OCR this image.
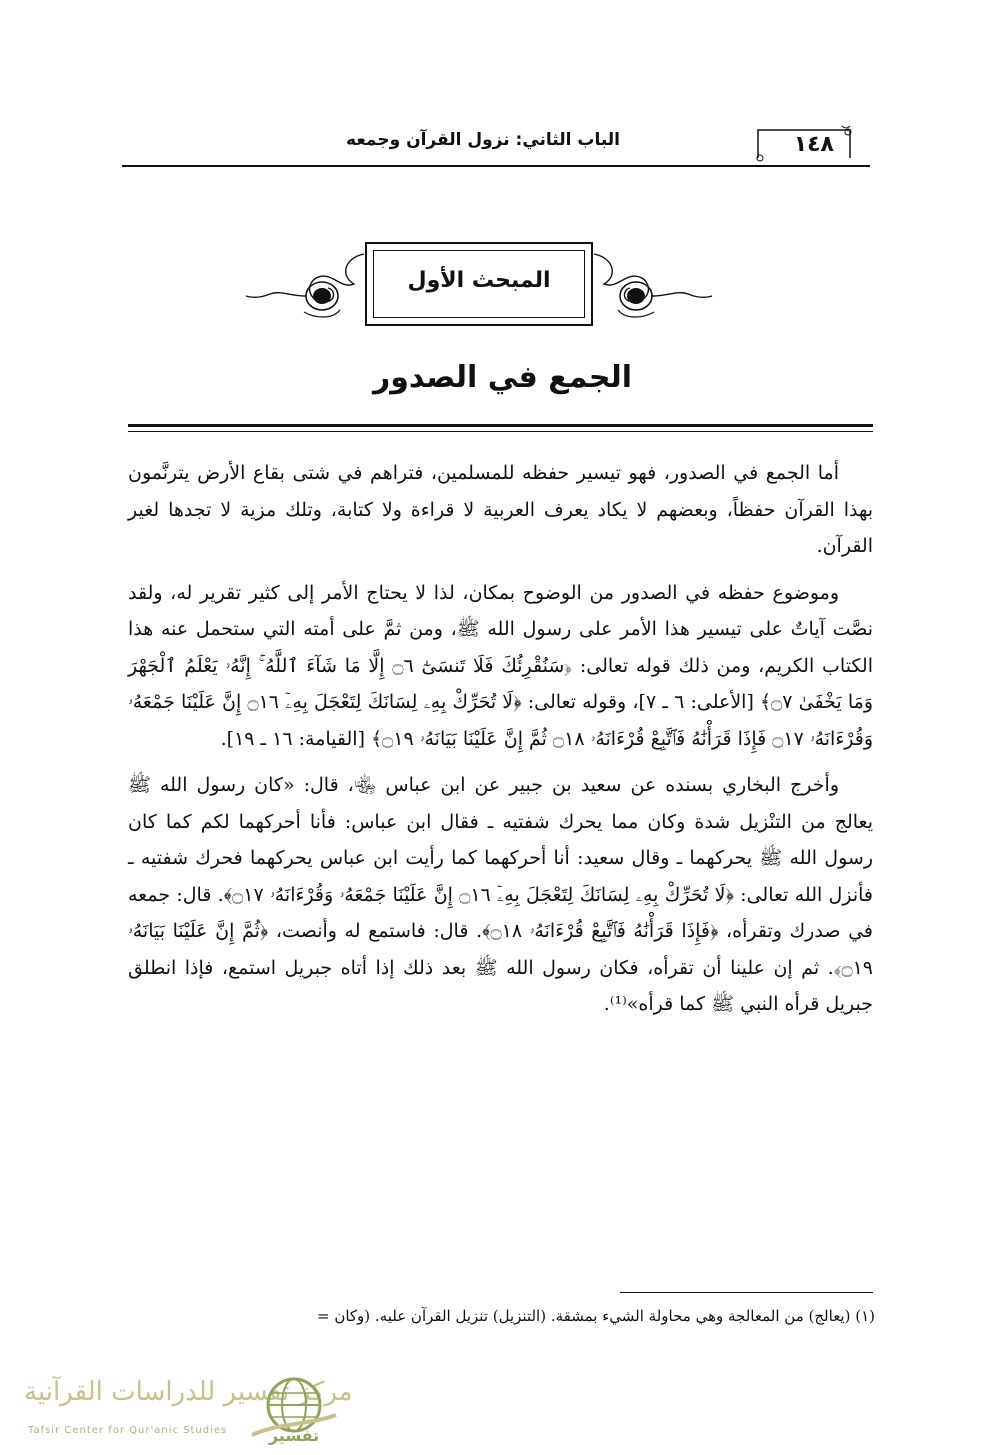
الباب الثاني: نزول القرآن وجمعه	١٤٨
المبحث الأول
الجمع في الصدور

أما الجمع في الصدور، فهو تيسير حفظه للمسلمين، فتراهم في شتى بقاع الأرض يترنَّمون بهذا القرآن حفظاً، وبعضهم لا يكاد يعرف العربية لا قراءة ولا كتابة، وتلك مزية لا تجدها لغير القرآن.

وموضوع حفظه في الصدور من الوضوح بمكان، لذا لا يحتاج الأمر إلى كثير تقرير له، ولقد نصَّت آياتٌ على تيسير هذا الأمر على رسول الله ﷺ، ومن ثمَّ على أمته التي ستحمل عنه هذا الكتاب الكريم، ومن ذلك قوله تعالى: ﴿سَنُقْرِئُكَ فَلَا تَنسَىٰٓ ۝٦ إِلَّا مَا شَآءَ ٱللَّهُ ۚ إِنَّهُۥ يَعْلَمُ ٱلْجَهْرَ وَمَا يَخْفَىٰ ۝٧﴾ [الأعلى: ٦ ـ ٧]، وقوله تعالى: ﴿لَا تُحَرِّكْ بِهِۦ لِسَانَكَ لِتَعْجَلَ بِهِۦٓ ۝١٦ إِنَّ عَلَيْنَا جَمْعَهُۥ وَقُرْءَانَهُۥ ۝١٧ فَإِذَا قَرَأْنَٰهُ فَٱتَّبِعْ قُرْءَانَهُۥ ۝١٨ ثُمَّ إِنَّ عَلَيْنَا بَيَانَهُۥ ۝١٩﴾ [القيامة: ١٦ ـ ١٩].

وأخرج البخاري بسنده عن سعيد بن جبير عن ابن عباس ﵄، قال: «كان رسول الله ﷺ يعالج من التنْزيل شدة وكان مما يحرك شفتيه ـ فقال ابن عباس: فأنا أحركهما لكم كما كان رسول الله ﷺ يحركهما ـ وقال سعيد: أنا أحركهما كما رأيت ابن عباس يحركهما فحرك شفتيه ـ فأنزل الله تعالى: ﴿لَا تُحَرِّكْ بِهِۦ لِسَانَكَ لِتَعْجَلَ بِهِۦٓ ۝١٦ إِنَّ عَلَيْنَا جَمْعَهُۥ وَقُرْءَانَهُۥ ۝١٧﴾. قال: جمعه في صدرك وتقرأه، ﴿فَإِذَا قَرَأْنَٰهُ فَٱتَّبِعْ قُرْءَانَهُۥ ۝١٨﴾. قال: فاستمع له وأنصت، ﴿ثُمَّ إِنَّ عَلَيْنَا بَيَانَهُۥ ۝١٩﴾. ثم إن علينا أن تقرأه، فكان رسول الله ﷺ بعد ذلك إذا أتاه جبريل استمع، فإذا انطلق جبريل قرأه النبي ﷺ كما قرأه»⁽¹⁾.

(١) (يعالج) من المعالجة وهي محاولة الشيء بمشقة. (التنزيل) تنزيل القرآن عليه. (وكان =
مركز تفسير للدراسات القرآنية
Tafsir Center for Qur'anic Studies	تفسير
